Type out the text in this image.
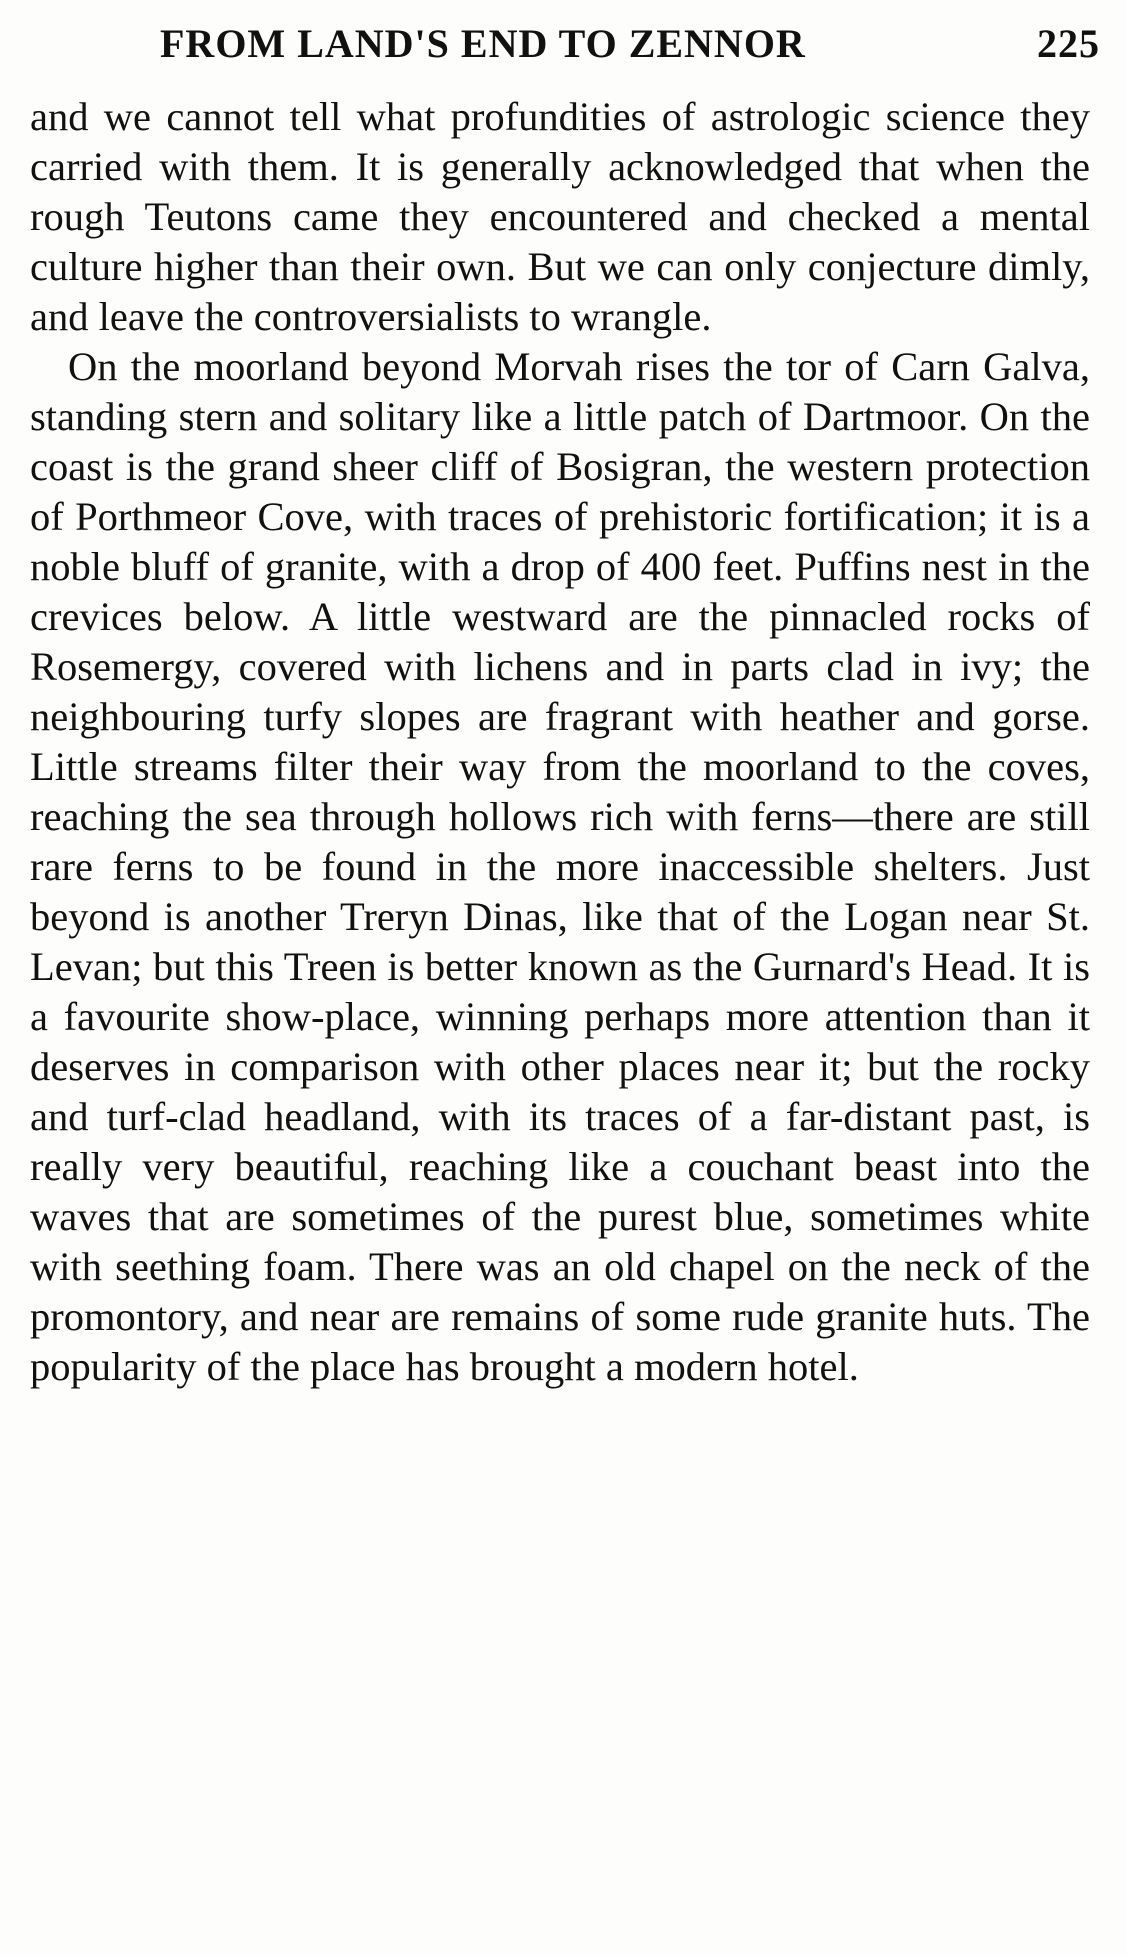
FROM LAND'S END TO ZENNOR	225

and we cannot tell what profundities of astrologic science they carried with them. It is generally acknowledged that when the rough Teutons came they encountered and checked a mental culture higher than their own. But we can only conjecture dimly, and leave the controversialists to wrangle.

On the moorland beyond Morvah rises the tor of Carn Galva, standing stern and solitary like a little patch of Dartmoor. On the coast is the grand sheer cliff of Bosigran, the western protection of Porthmeor Cove, with traces of prehistoric fortification; it is a noble bluff of granite, with a drop of 400 feet. Puffins nest in the crevices below. A little westward are the pinnacled rocks of Rosemergy, covered with lichens and in parts clad in ivy; the neighbouring turfy slopes are fragrant with heather and gorse. Little streams filter their way from the moorland to the coves, reaching the sea through hollows rich with ferns—there are still rare ferns to be found in the more inaccessible shelters. Just beyond is another Treryn Dinas, like that of the Logan near St. Levan; but this Treen is better known as the Gurnard's Head. It is a favourite show-place, winning perhaps more attention than it deserves in comparison with other places near it; but the rocky and turf-clad headland, with its traces of a far-distant past, is really very beautiful, reaching like a couchant beast into the waves that are sometimes of the purest blue, sometimes white with seething foam. There was an old chapel on the neck of the promontory, and near are remains of some rude granite huts. The popularity of the place has brought a modern hotel.
